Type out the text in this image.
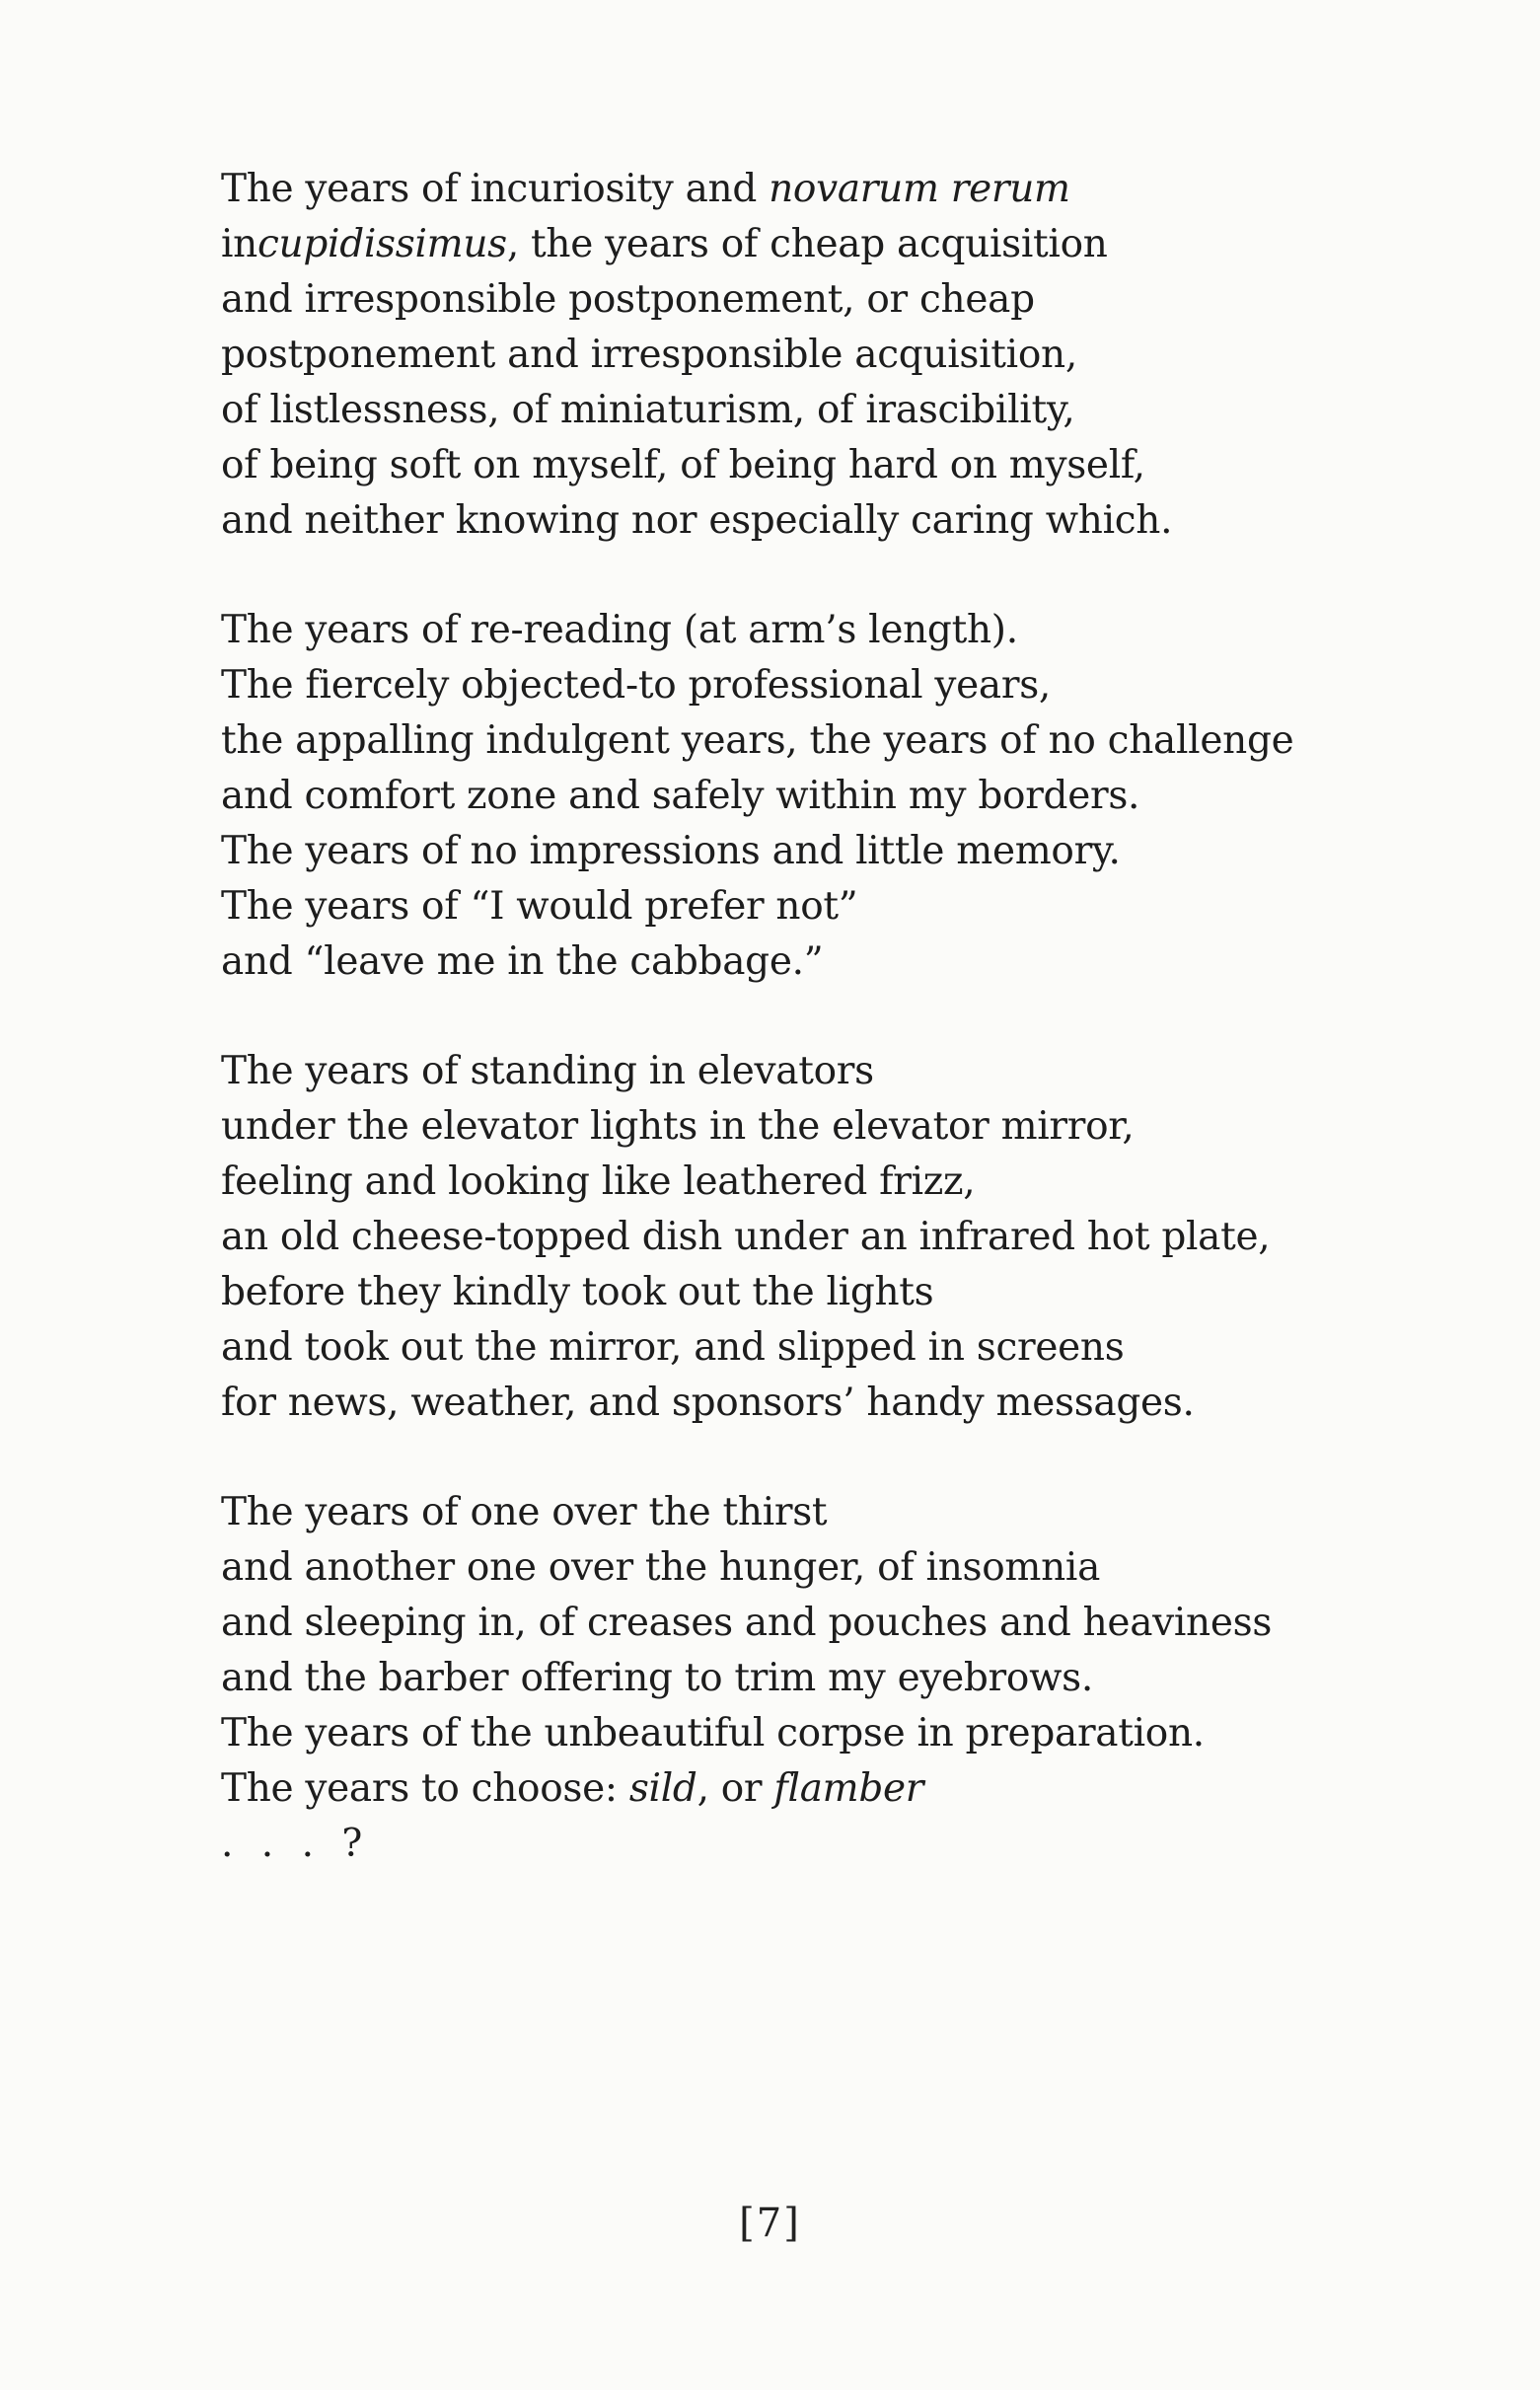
The years of incuriosity and novarum rerum
incupidissimus, the years of cheap acquisition
and irresponsible postponement, or cheap
postponement and irresponsible acquisition,
of listlessness, of miniaturism, of irascibility,
of being soft on myself, of being hard on myself,
and neither knowing nor especially caring which.
The years of re-reading (at arm’s length).
The fiercely objected-to professional years,
the appalling indulgent years, the years of no challenge
and comfort zone and safely within my borders.
The years of no impressions and little memory.
The years of “I would prefer not”
and “leave me in the cabbage.”
The years of standing in elevators
under the elevator lights in the elevator mirror,
feeling and looking like leathered frizz,
an old cheese-topped dish under an infrared hot plate,
before they kindly took out the lights
and took out the mirror, and slipped in screens
for news, weather, and sponsors’ handy messages.
The years of one over the thirst
and another one over the hunger, of insomnia
and sleeping in, of creases and pouches and heaviness
and the barber offering to trim my eyebrows.
The years of the unbeautiful corpse in preparation.
The years to choose: sild, or flamber
. . . ?
[7]
